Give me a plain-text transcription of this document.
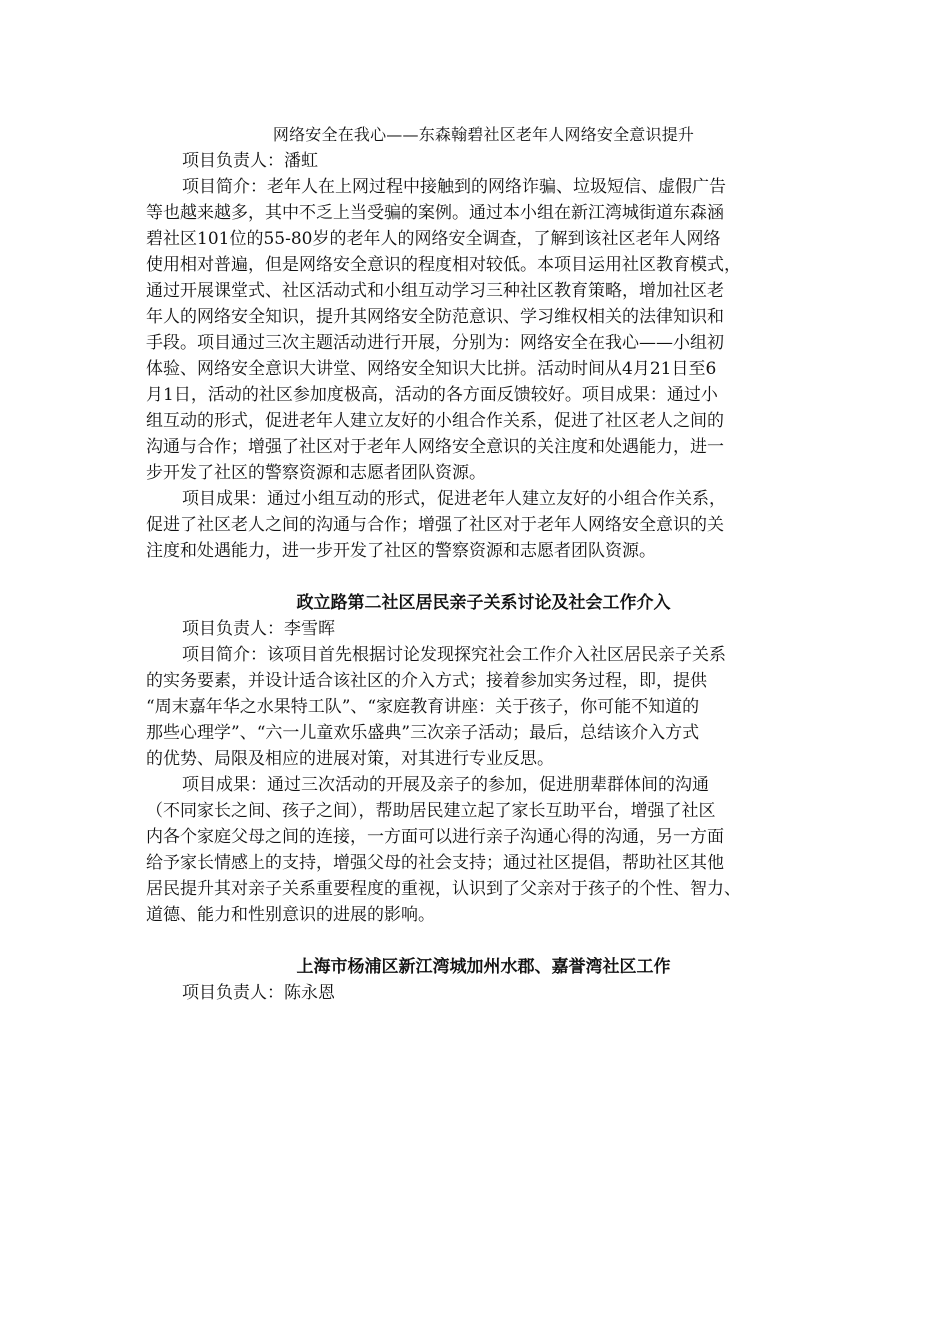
网络安全在我心——东森翰碧社区老年人网络安全意识提升
项目负责人：潘虹
项目简介：老年人在上网过程中接触到的网络诈骗、垃圾短信、虚假广告
等也越来越多，其中不乏上当受骗的案例。通过本小组在新江湾城街道东森涵
碧社区101位的55-80岁的老年人的网络安全调查，了解到该社区老年人网络
使用相对普遍，但是网络安全意识的程度相对较低。本项目运用社区教育模式，
通过开展课堂式、社区活动式和小组互动学习三种社区教育策略，增加社区老
年人的网络安全知识，提升其网络安全防范意识、学习维权相关的法律知识和
手段。项目通过三次主题活动进行开展，分别为：网络安全在我心——小组初
体验、网络安全意识大讲堂、网络安全知识大比拼。活动时间从4月21日至6
月1日，活动的社区参加度极高，活动的各方面反馈较好。项目成果：通过小
组互动的形式，促进老年人建立友好的小组合作关系，促进了社区老人之间的
沟通与合作；增强了社区对于老年人网络安全意识的关注度和处遇能力，进一
步开发了社区的警察资源和志愿者团队资源。
项目成果：通过小组互动的形式，促进老年人建立友好的小组合作关系，
促进了社区老人之间的沟通与合作；增强了社区对于老年人网络安全意识的关
注度和处遇能力，进一步开发了社区的警察资源和志愿者团队资源。
政立路第二社区居民亲子关系讨论及社会工作介入
项目负责人：李雪晖
项目简介：该项目首先根据讨论发现探究社会工作介入社区居民亲子关系
的实务要素，并设计适合该社区的介入方式；接着参加实务过程，即，提供
“周末嘉年华之水果特工队”、“家庭教育讲座：关于孩子，你可能不知道的
那些心理学”、“六一儿童欢乐盛典”三次亲子活动；最后，总结该介入方式
的优势、局限及相应的进展对策，对其进行专业反思。
项目成果：通过三次活动的开展及亲子的参加，促进朋辈群体间的沟通
（不同家长之间、孩子之间），帮助居民建立起了家长互助平台，增强了社区
内各个家庭父母之间的连接，一方面可以进行亲子沟通心得的沟通，另一方面
给予家长情感上的支持，增强父母的社会支持；通过社区提倡，帮助社区其他
居民提升其对亲子关系重要程度的重视，认识到了父亲对于孩子的个性、智力、
道德、能力和性别意识的进展的影响。
上海市杨浦区新江湾城加州水郡、嘉誉湾社区工作
项目负责人：陈永恩
